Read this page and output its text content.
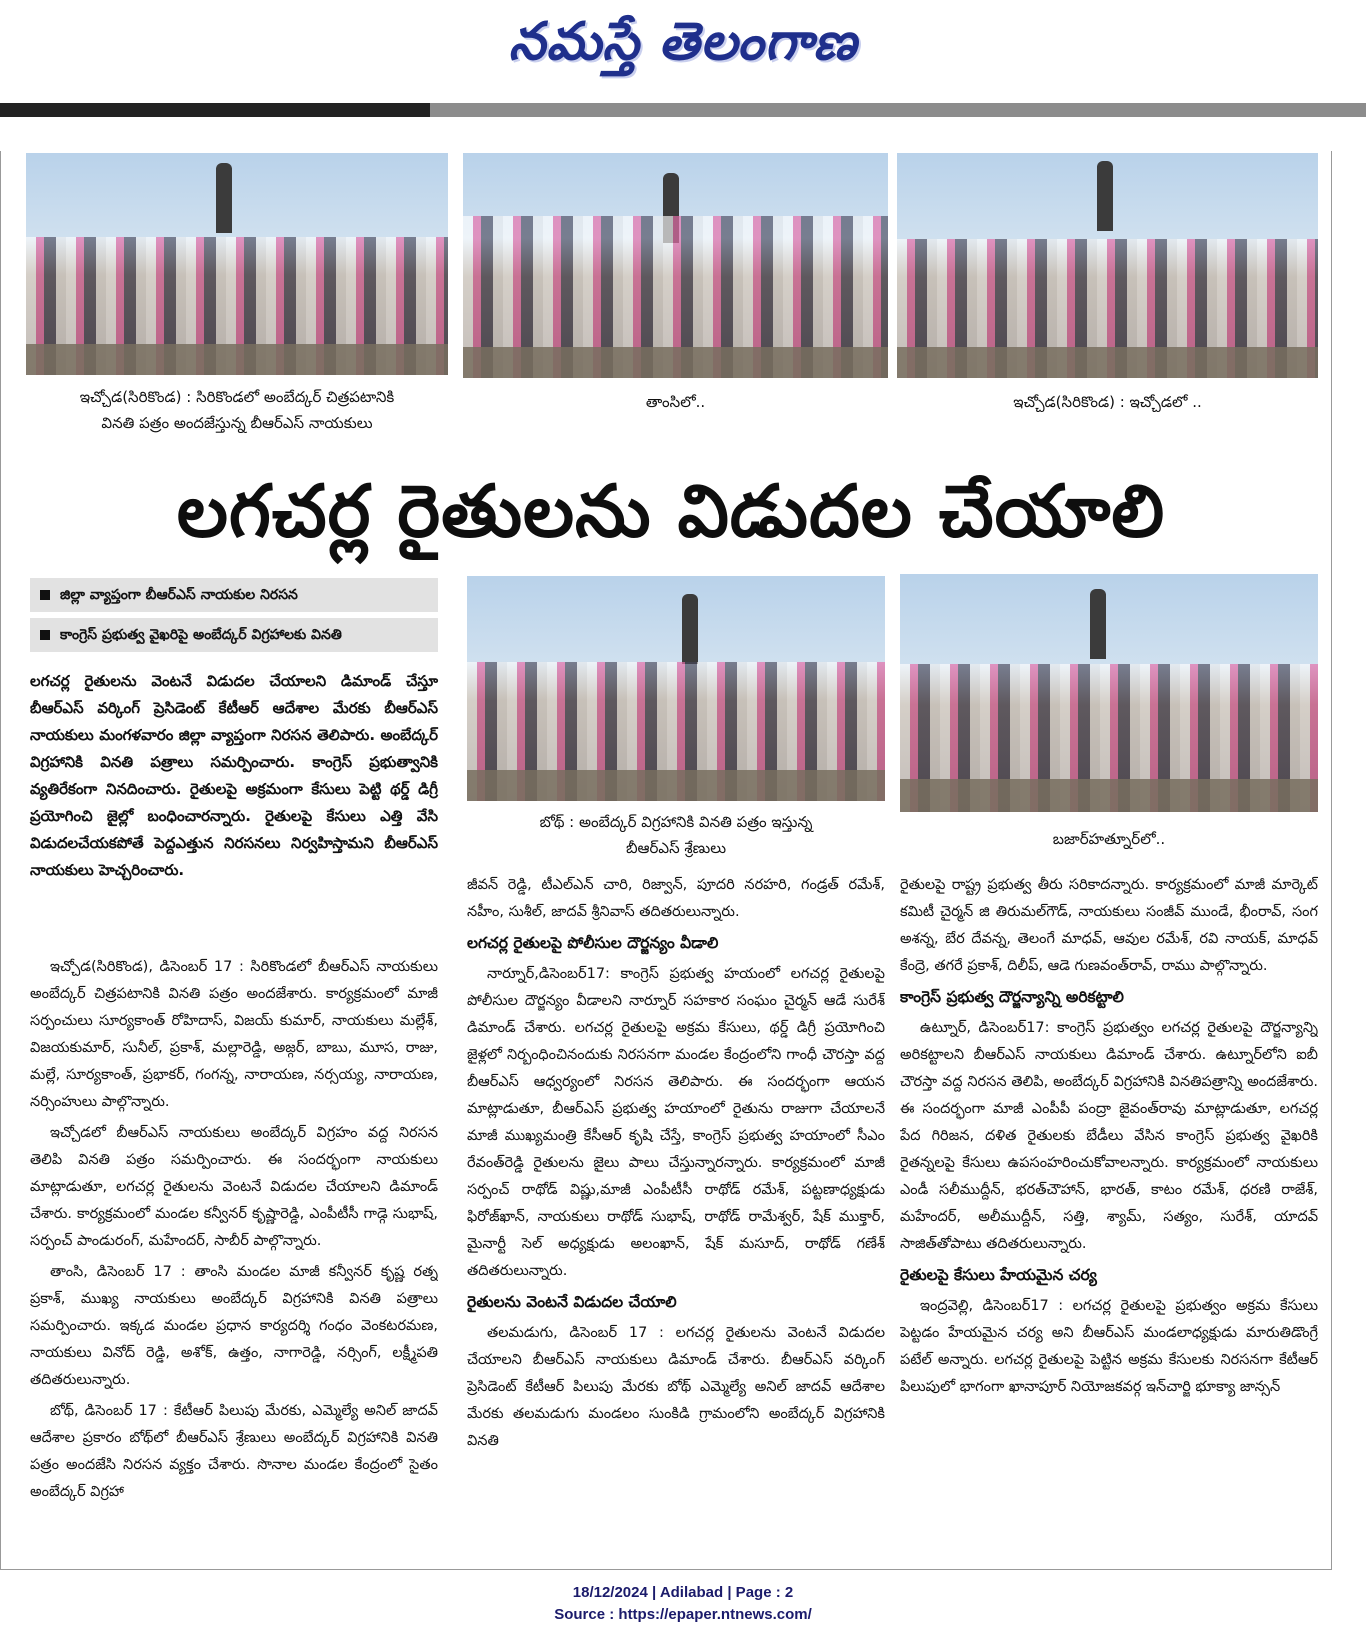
నమస్తే తెలంగాణ
ఇచ్చోడ(సిరికొండ) : సిరికొండలో అంబేద్కర్ చిత్రపటానికి
వినతి పత్రం అందజేస్తున్న బీఆర్ఎస్ నాయకులు
తాంసిలో..	ఇచ్చోడ(సిరికొండ) : ఇచ్చోడలో ..
లగచర్ల రైతులను విడుదల చేయాలి
జిల్లా వ్యాప్తంగా బీఆర్ఎస్ నాయకుల నిరసన
కాంగ్రెస్ ప్రభుత్వ వైఖరిపై అంబేద్కర్ విగ్రహాలకు వినతి
లగచర్ల రైతులను వెంటనే విడుదల చేయాలని డిమాండ్ చేస్తూ బీఆర్ఎస్ వర్కింగ్ ప్రెసిడెంట్ కేటీఆర్ ఆదేశాల మేరకు బీఆర్ఎస్ నాయకులు మంగళవారం జిల్లా వ్యాప్తంగా నిరసన తెలిపారు. అంబేద్కర్ విగ్రహానికి వినతి పత్రాలు సమర్పించారు. కాంగ్రెస్ ప్రభుత్వానికి వ్యతిరేకంగా నినదించారు. రైతులపై అక్రమంగా కేసులు పెట్టి థర్డ్ డిగ్రీ ప్రయోగించి జైల్లో బంధించారన్నారు. రైతులపై కేసులు ఎత్తి వేసి విడుదలచేయకపోతే పెద్దఎత్తున నిరసనలు నిర్వహిస్తామని బీఆర్ఎస్ నాయకులు హెచ్చరించారు.
బోథ్ : అంబేద్కర్ విగ్రహానికి వినతి పత్రం ఇస్తున్న
బీఆర్ఎస్ శ్రేణులు	బజార్‌హత్నూర్‌లో..

ఇచ్చోడ(సిరికొండ), డిసెంబర్ 17 : సిరికొండలో బీఆర్ఎస్ నాయకులు అంబేద్కర్ చిత్రపటానికి వినతి పత్రం అందజేశారు. కార్యక్రమంలో మాజీ సర్పంచులు సూర్యకాంత్ రోహిదాస్, విజయ్ కుమార్, నాయకులు మల్లేశ్, విజయకుమార్, సునీల్, ప్రకాశ్, మల్లారెడ్డి, అజ్గర్, బాబు, మూస, రాజు, మల్లే, సూర్యకాంత్, ప్రభాకర్, గంగన్న, నారాయణ, నర్సయ్య, నారాయణ, నర్సింహులు పాల్గొన్నారు.

ఇచ్చోడలో బీఆర్ఎస్ నాయకులు అంబేద్కర్ విగ్రహం వద్ద నిరసన తెలిపి వినతి పత్రం సమర్పించారు. ఈ సందర్భంగా నాయకులు మాట్లాడుతూ, లగచర్ల రైతులను వెంటనే విడుదల చేయాలని డిమాండ్ చేశారు. కార్యక్రమంలో మండల కన్వీనర్ కృష్ణారెడ్డి, ఎంపీటీసీ గాడ్గె సుభాష్, సర్పంచ్ పాండురంగ్, మహేందర్, సాబీర్ పాల్గొన్నారు.

తాంసి, డిసెంబర్ 17 : తాంసి మండల మాజీ కన్వీనర్ కృష్ణ రత్న ప్రకాశ్, ముఖ్య నాయకులు అంబేద్కర్ విగ్రహానికి వినతి పత్రాలు సమర్పించారు. ఇక్కడ మండల ప్రధాన కార్యదర్శి గంధం వెంకటరమణ, నాయకులు వినోద్ రెడ్డి, అశోక్, ఉత్తం, నాగారెడ్డి, నర్సింగ్, లక్ష్మీపతి తదితరులున్నారు.

బోథ్, డిసెంబర్ 17 : కేటీఆర్ పిలుపు మేరకు, ఎమ్మెల్యే అనిల్ జాదవ్ ఆదేశాల ప్రకారం బోథ్‌లో బీఆర్ఎస్ శ్రేణులు అంబేద్కర్ విగ్రహానికి వినతి పత్రం అందజేసి నిరసన వ్యక్తం చేశారు. సొనాల మండల కేంద్రంలో సైతం అంబేద్కర్ విగ్రహా

జీవన్ రెడ్డి, టీఎల్ఎన్ చారి, రిజ్వాన్, పూదరి నరహరి, గండ్రత్ రమేశ్, నహీం, సుశీల్, జాదవ్ శ్రీనివాస్ తదితరులున్నారు.

లగచర్ల రైతులపై పోలీసుల దౌర్జన్యం వీడాలి

నార్నూర్,డిసెంబర్17: కాంగ్రెస్ ప్రభుత్వ హయంలో లగచర్ల రైతులపై పోలీసుల దౌర్జన్యం వీడాలని నార్నూర్ సహకార సంఘం చైర్మన్ ఆడే సురేశ్ డిమాండ్ చేశారు. లగచర్ల రైతులపై అక్రమ కేసులు, థర్డ్ డిగ్రీ ప్రయోగించి జైళ్లలో నిర్బంధించినందుకు నిరసనగా మండల కేంద్రంలోని గాంధీ చౌరస్తా వద్ద బీఆర్ఎస్ ఆధ్వర్యంలో నిరసన తెలిపారు. ఈ సందర్భంగా ఆయన మాట్లాడుతూ, బీఆర్ఎస్ ప్రభుత్వ హయాంలో రైతును రాజుగా చేయాలనే మాజీ ముఖ్యమంత్రి కేసీఆర్ కృషి చేస్తే, కాంగ్రెస్ ప్రభుత్వ హయాంలో సీఎం రేవంత్‌రెడ్డి రైతులను జైలు పాలు చేస్తున్నారన్నారు. కార్యక్రమంలో మాజీ సర్పంచ్ రాథోడ్ విష్ణు,మాజీ ఎంపీటీసీ రాథోడ్ రమేశ్, పట్టణాధ్యక్షుడు ఫిరోజ్‌ఖాన్, నాయకులు రాథోడ్ సుభాష్, రాథోడ్ రామేశ్వర్, షేక్ ముక్తార్, మైనార్టీ సెల్ అధ్యక్షుడు అలంఖాన్, షేక్ మసూద్, రాథోడ్ గణేశ్ తదితరులున్నారు.

రైతులను వెంటనే విడుదల చేయాలి

తలమడుగు, డిసెంబర్ 17 : లగచర్ల రైతులను వెంటనే విడుదల చేయాలని బీఆర్ఎస్ నాయకులు డిమాండ్ చేశారు. బీఆర్ఎస్ వర్కింగ్ ప్రెసిడెంట్ కేటీఆర్ పిలుపు మేరకు బోథ్ ఎమ్మెల్యే అనిల్ జాదవ్ ఆదేశాల మేరకు తలమడుగు మండలం సుంకిడి గ్రామంలోని అంబేద్కర్ విగ్రహానికి వినతి

రైతులపై రాష్ట్ర ప్రభుత్వ తీరు సరికాదన్నారు. కార్యక్రమంలో మాజీ మార్కెట్ కమిటీ చైర్మన్ జి తిరుమల్‌గౌడ్, నాయకులు సంజీవ్ ముండే, భీంరావ్, సంగ అశన్న, బేర దేవన్న, తెలంగే మాధవ్, ఆవుల రమేశ్, రవి నాయక్, మాధవ్ కేంద్రె, తగరే ప్రకాశ్, దిలీప్, ఆడె గుణవంత్‌రావ్, రాము పాల్గొన్నారు.

కాంగ్రెస్ ప్రభుత్వ దౌర్జన్యాన్ని అరికట్టాలి

ఉట్నూర్, డిసెంబర్17: కాంగ్రెస్ ప్రభుత్వం లగచర్ల రైతులపై దౌర్జన్యాన్ని అరికట్టాలని బీఆర్ఎస్ నాయకులు డిమాండ్ చేశారు. ఉట్నూర్‌లోని ఐబీ చౌరస్తా వద్ద నిరసన తెలిపి, అంబేద్కర్ విగ్రహానికి వినతిపత్రాన్ని అందజేశారు. ఈ సందర్భంగా మాజీ ఎంపీపీ పంద్రా జైవంత్‌రావు మాట్లాడుతూ, లగచర్ల పేద గిరిజన, దళిత రైతులకు బేడీలు వేసిన కాంగ్రెస్ ప్రభుత్వ వైఖరికి రైతన్నలపై కేసులు ఉపసంహరించుకోవాలన్నారు. కార్యక్రమంలో నాయకులు ఎండీ సలీముద్దీన్, భరత్‌చౌహాన్, భారత్, కాటం రమేశ్, ధరణి రాజేశ్, మహేందర్, అలీముద్దీన్, సత్తి, శ్యామ్, సత్యం, సురేశ్, యాదవ్ సాజిత్‌తోపాటు తదితరులున్నారు.

రైతులపై కేసులు హేయమైన చర్య

ఇంద్రవెల్లి, డిసెంబర్17 : లగచర్ల రైతులపై ప్రభుత్వం అక్రమ కేసులు పెట్టడం హేయమైన చర్య అని బీఆర్ఎస్ మండలాధ్యక్షుడు మారుతిడొంగ్రే పటేల్ అన్నారు. లగచర్ల రైతులపై పెట్టిన అక్రమ కేసులకు నిరసనగా కేటీఆర్ పిలుపులో భాగంగా ఖానాపూర్ నియోజకవర్గ ఇన్‌చార్జి భూక్యా జాన్సన్

18/12/2024 | Adilabad | Page : 2
Source : https://epaper.ntnews.com/
